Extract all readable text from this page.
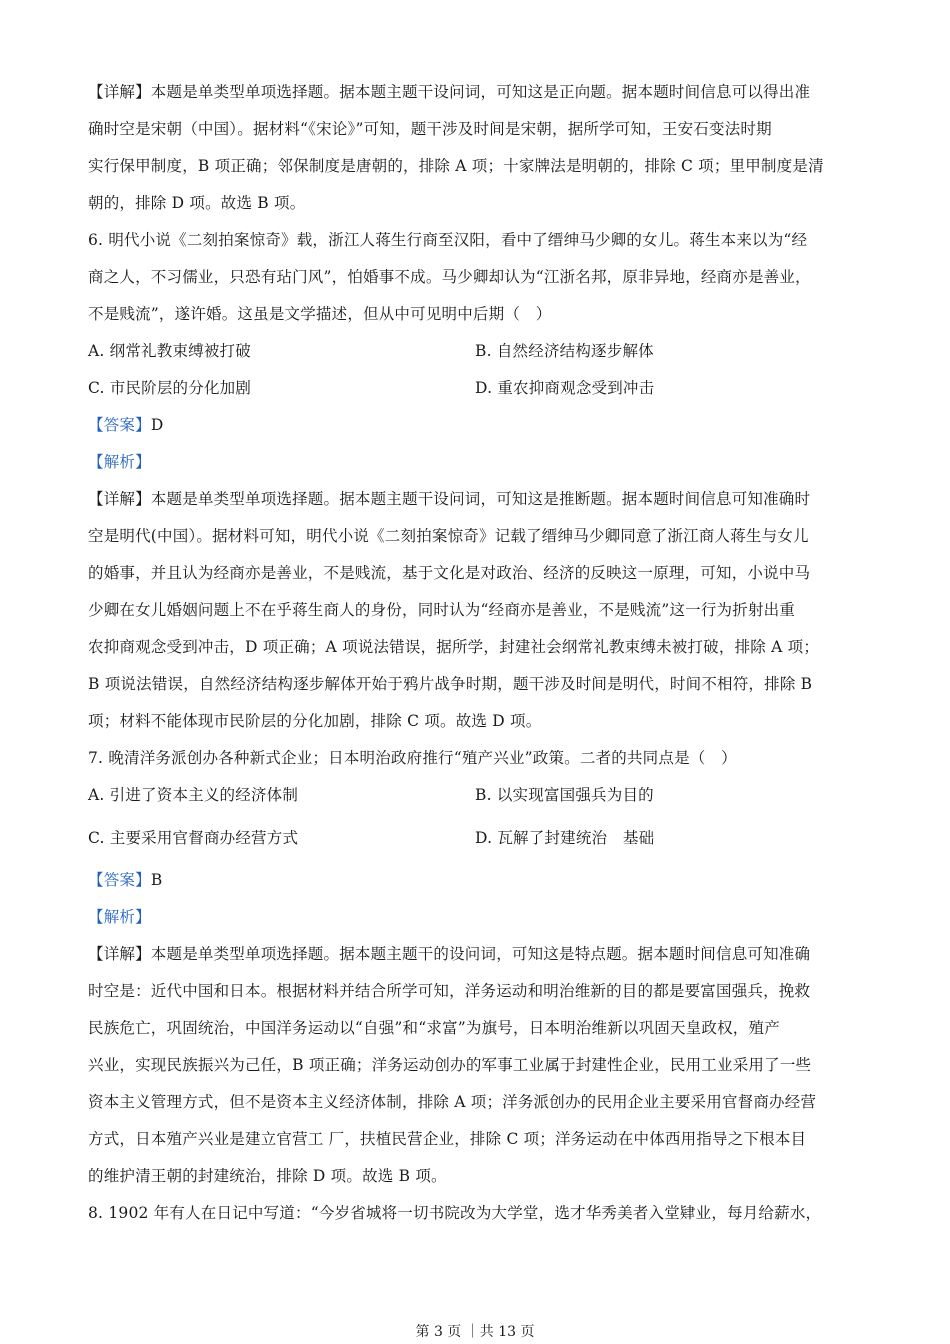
【详解】本题是单类型单项选择题。据本题主题干设问词，可知这是正向题。据本题时间信息可以得出准

确时空是宋朝（中国）。据材料“《宋论》”可知，题干涉及时间是宋朝，据所学可知，王安石变法时期

实行保甲制度，B 项正确；邻保制度是唐朝的，排除 A 项；十家牌法是明朝的，排除 C 项；里甲制度是清

朝的，排除 D 项。故选 B 项。

6. 明代小说《二刻拍案惊奇》载，浙江人蒋生行商至汉阳，看中了缙绅马少卿的女儿。蒋生本来以为“经

商之人，不习儒业，只恐有玷门风”，怕婚事不成。马少卿却认为“江浙名邦，原非异地，经商亦是善业，

不是贱流”，遂许婚。这虽是文学描述，但从中可见明中后期（　）

A. 纲常礼教束缚被打破	B. 自然经济结构逐步解体
C. 市民阶层的分化加剧	D. 重农抑商观念受到冲击

【答案】D

【解析】

【详解】本题是单类型单项选择题。据本题主题干设问词，可知这是推断题。据本题时间信息可知准确时

空是明代(中国）。据材料可知，明代小说《二刻拍案惊奇》记载了缙绅马少卿同意了浙江商人蒋生与女儿

的婚事，并且认为经商亦是善业，不是贱流，基于文化是对政治、经济的反映这一原理，可知，小说中马

少卿在女儿婚姻问题上不在乎蒋生商人的身份，同时认为“经商亦是善业，不是贱流”这一行为折射出重

农抑商观念受到冲击，D 项正确；A 项说法错误，据所学，封建社会纲常礼教束缚未被打破，排除 A 项；

B 项说法错误，自然经济结构逐步解体开始于鸦片战争时期，题干涉及时间是明代，时间不相符，排除 B

项；材料不能体现市民阶层的分化加剧，排除 C 项。故选 D 项。

7. 晚清洋务派创办各种新式企业；日本明治政府推行“殖产兴业”政策。二者的共同点是（　）

A. 引进了资本主义的经济体制	B. 以实现富国强兵为目的
C. 主要采用官督商办经营方式	D. 瓦解了封建统治　基础

【答案】B

【解析】

【详解】本题是单类型单项选择题。据本题主题干的设问词，可知这是特点题。据本题时间信息可知准确

时空是：近代中国和日本。根据材料并结合所学可知，洋务运动和明治维新的目的都是要富国强兵，挽救

民族危亡，巩固统治，中国洋务运动以“自强”和“求富”为旗号，日本明治维新以巩固天皇政权，殖产

兴业，实现民族振兴为己任，B 项正确；洋务运动创办的军事工业属于封建性企业，民用工业采用了一些

资本主义管理方式，但不是资本主义经济体制，排除 A 项；洋务派创办的民用企业主要采用官督商办经营

方式，日本殖产兴业是建立官营工 厂，扶植民营企业，排除 C 项；洋务运动在中体西用指导之下根本目

的维护清王朝的封建统治，排除 D 项。故选 B 项。

8. 1902 年有人在日记中写道：“今岁省城将一切书院改为大学堂，选才华秀美者入堂肄业，每月给薪水，

第 3 页 ｜共 13 页
